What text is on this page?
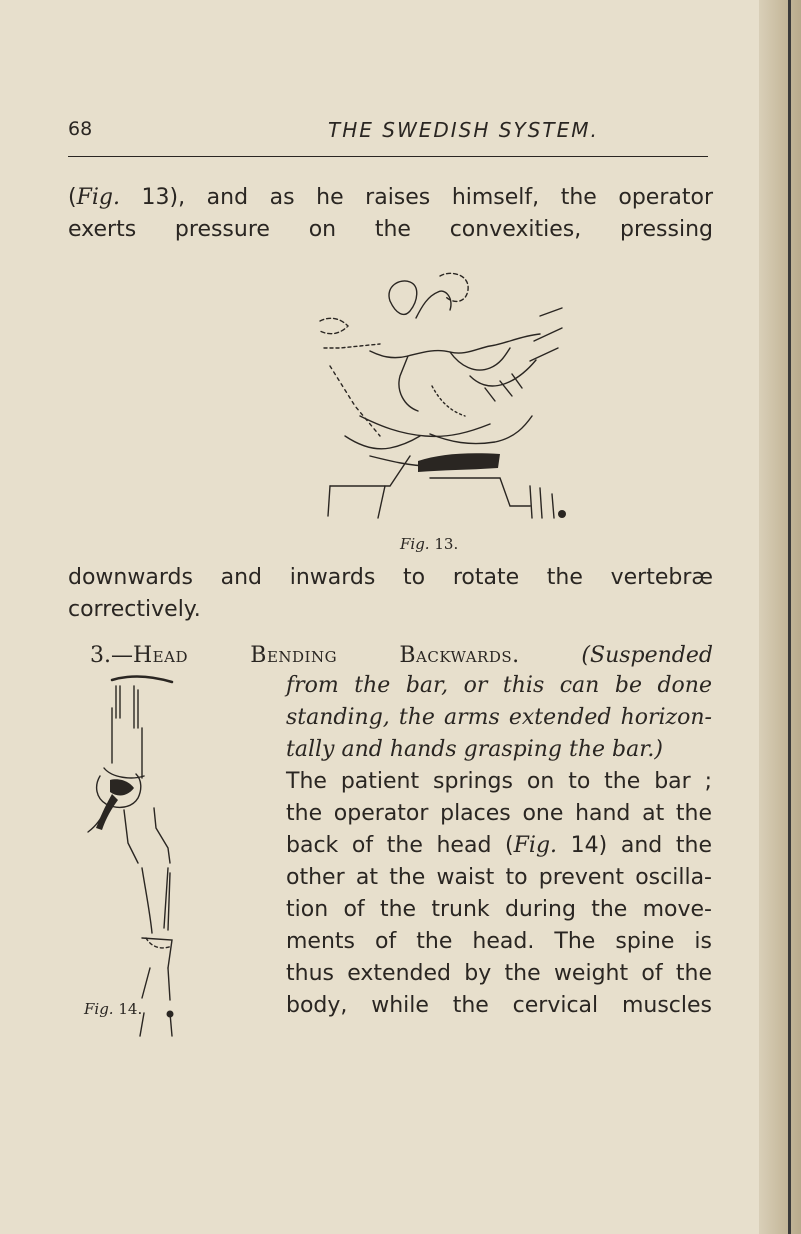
68	THE SWEDISH SYSTEM.
(Fig. 13), and as he raises himself, the operator
exerts pressure on the convexities, pressing
Fig. 13.
downwards and inwards to rotate the vertebræ
correctively.
3.—Head Bending Backwards. (Suspended
from the bar, or this can be done
standing, the arms extended horizon-
tally and hands grasping the bar.)
The patient springs on to the bar ;
the operator places one hand at the
back of the head (Fig. 14) and the
other at the waist to prevent oscilla-
tion of the trunk during the move-
ments of the head. The spine is
thus extended by the weight of the
body, while the cervical muscles
Fig. 14.
